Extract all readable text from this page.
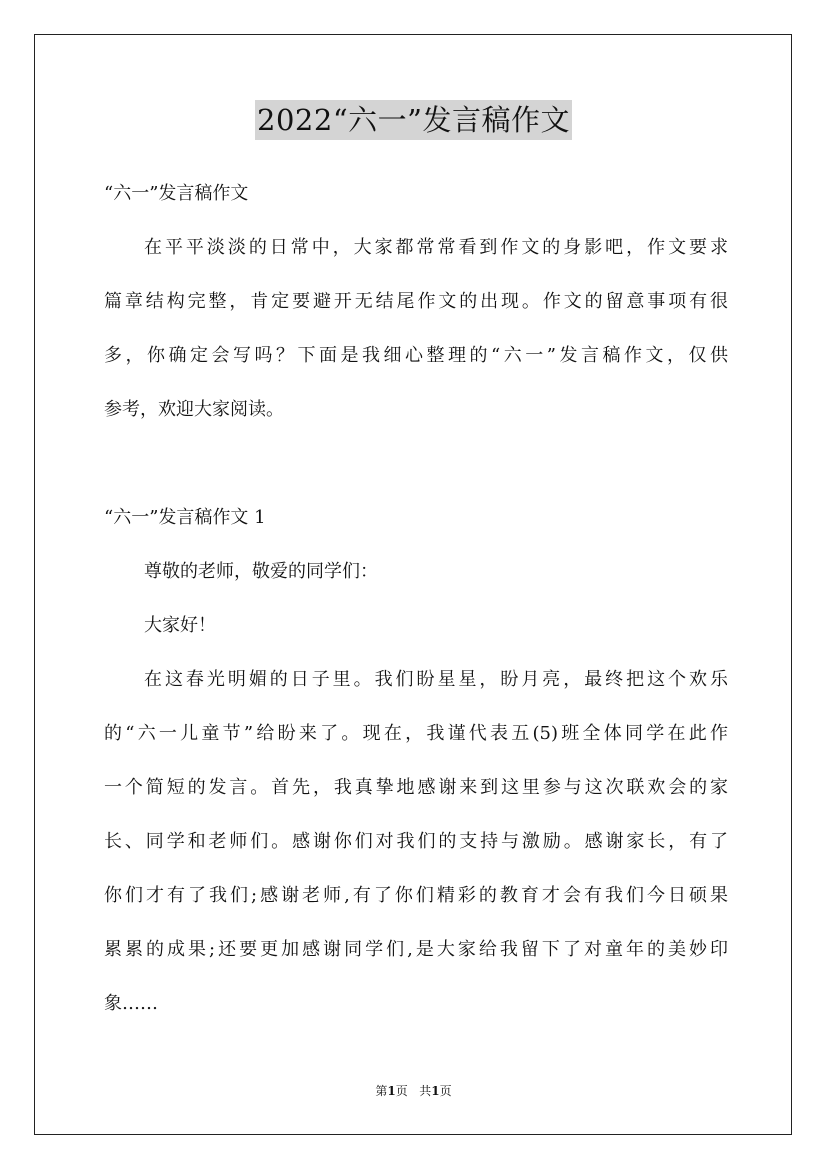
2022“六一”发言稿作文
“六一”发言稿作文
在平平淡淡的日常中，大家都常常看到作文的身影吧，作文要求
篇章结构完整，肯定要避开无结尾作文的出现。作文的留意事项有很
多，你确定会写吗？下面是我细心整理的“六一”发言稿作文，仅供
参考，欢迎大家阅读。
“六一”发言稿作文 1
尊敬的老师，敬爱的同学们：
大家好！
在这春光明媚的日子里。我们盼星星，盼月亮，最终把这个欢乐
的“六一儿童节”给盼来了。现在，我谨代表五(5)班全体同学在此作
一个简短的发言。首先，我真挚地感谢来到这里参与这次联欢会的家
长、同学和老师们。感谢你们对我们的支持与激励。感谢家长，有了
你们才有了我们;感谢老师,有了你们精彩的教育才会有我们今日硕果
累累的成果;还要更加感谢同学们,是大家给我留下了对童年的美妙印
象……
第1页 共1页
